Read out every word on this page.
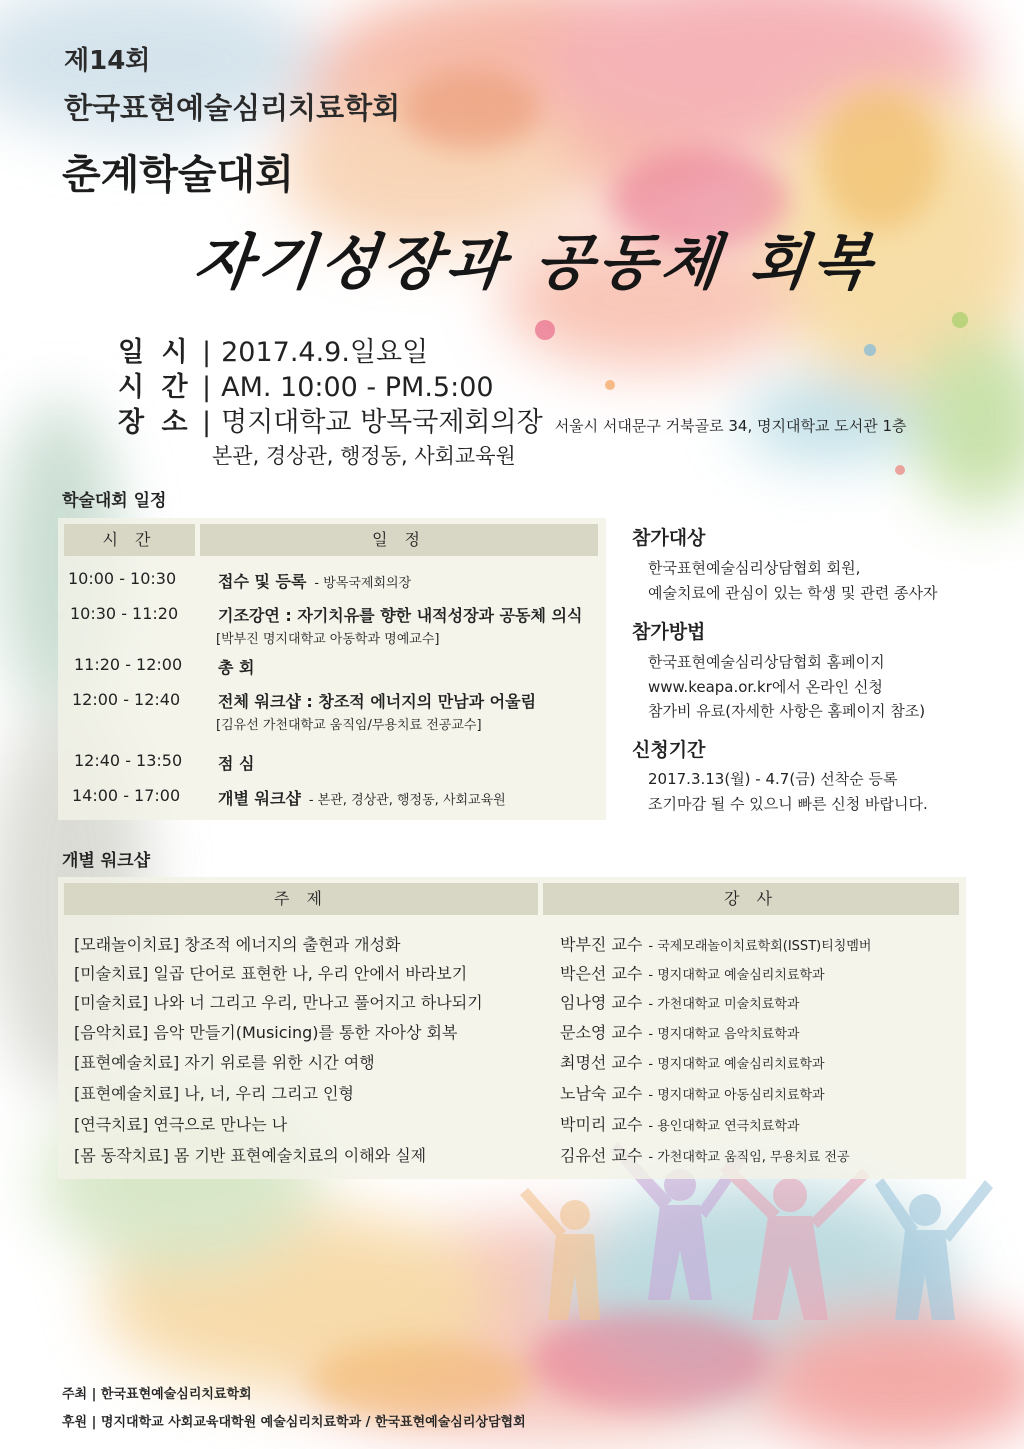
제14회
한국표현예술심리치료학회
춘계학술대회
자기성장과 공동체 회복
일 시 | 2017.4.9.일요일
시 간 | AM. 10:00 - PM.5:00
장 소 | 명지대학교 방목국제회의장 서울시 서대문구 거북골로 34, 명지대학교 도서관 1층
본관, 경상관, 행정동, 사회교육원
학술대회 일정
시 간	일 정
10:00 - 10:30	접수 및 등록 - 방목국제회의장
10:30 - 11:20 기조강연 : 자기치유를 향한 내적성장과 공동체 의식
[박부진 명지대학교 아동학과 명예교수]
11:20 - 12:00 총 회
12:00 - 12:40 전체 워크샵 : 창조적 에너지의 만남과 어울림
[김유선 가천대학교 움직임/무용치료 전공교수]
12:40 - 13:50 점 심
14:00 - 17:00 개별 워크샵 - 본관, 경상관, 행정동, 사회교육원
참가대상
한국표현예술심리상담협회 회원,
예술치료에 관심이 있는 학생 및 관련 종사자
참가방법
한국표현예술심리상담협회 홈페이지
www.keapa.or.kr에서 온라인 신청
참가비 유료(자세한 사항은 홈페이지 참조)
신청기간
2017.3.13(월) - 4.7(금) 선착순 등록
조기마감 될 수 있으니 빠른 신청 바랍니다.
개별 워크샵
주 제	강 사
[모래놀이치료] 창조적 에너지의 출현과 개성화	박부진 교수 - 국제모래놀이치료학회(ISST)티칭멤버
[미술치료] 일곱 단어로 표현한 나, 우리 안에서 바라보기	박은선 교수 - 명지대학교 예술심리치료학과
[미술치료] 나와 너 그리고 우리, 만나고 풀어지고 하나되기	임나영 교수 - 가천대학교 미술치료학과
[음악치료] 음악 만들기(Musicing)를 통한 자아상 회복	문소영 교수 - 명지대학교 음악치료학과
[표현예술치료] 자기 위로를 위한 시간 여행	최명선 교수 - 명지대학교 예술심리치료학과
[표현예술치료] 나, 너, 우리 그리고 인형	노남숙 교수 - 명지대학교 아동심리치료학과
[연극치료] 연극으로 만나는 나	박미리 교수 - 용인대학교 연극치료학과
[몸 동작치료] 몸 기반 표현예술치료의 이해와 실제	김유선 교수 - 가천대학교 움직임, 무용치료 전공
주최 | 한국표현예술심리치료학회
후원 | 명지대학교 사회교육대학원 예술심리치료학과 / 한국표현예술심리상담협회
